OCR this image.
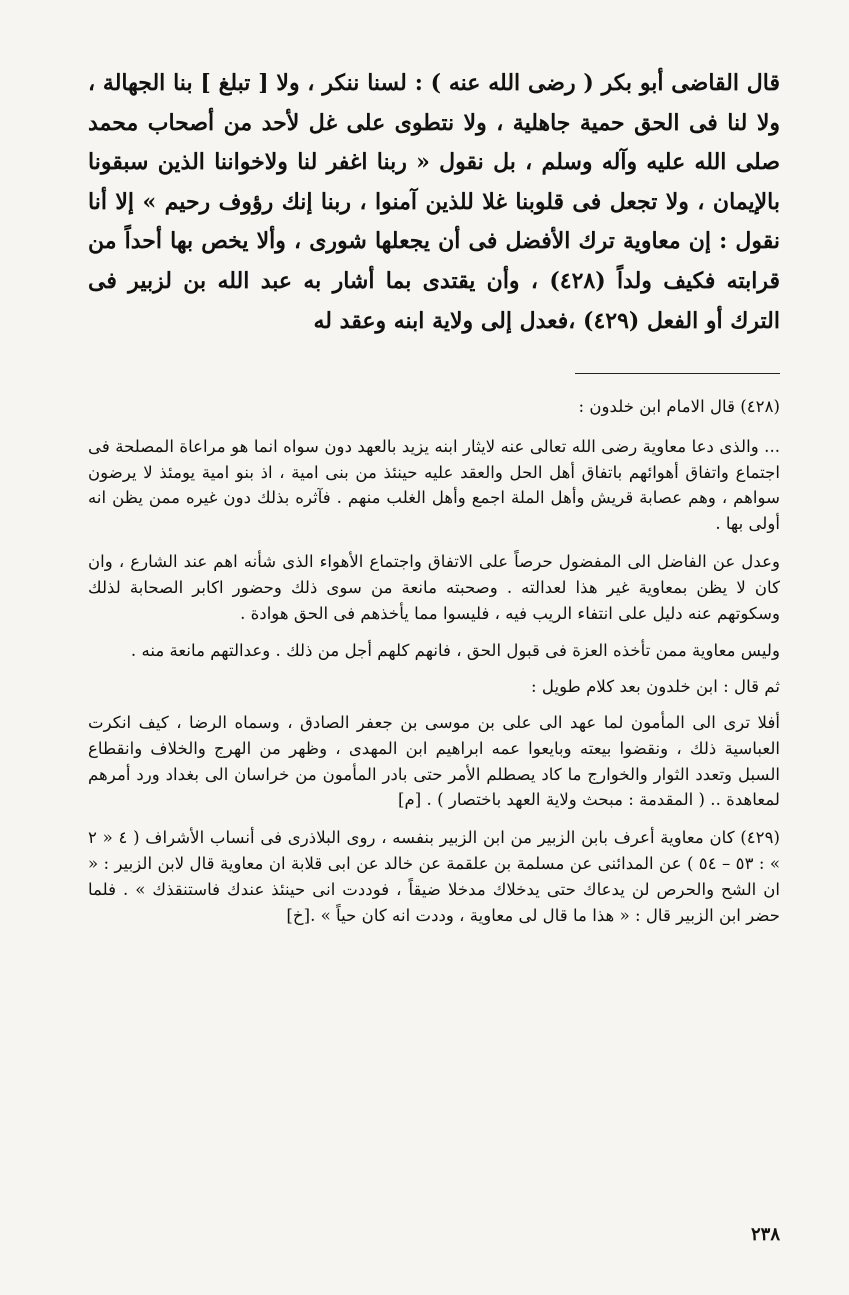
قال القاضى أبو بكر ( رضى الله عنه ) : لسنا ننكر ، ولا [ تبلغ ] بنا الجهالة ، ولا لنا فى الحق حمية جاهلية ، ولا نتطوى على غل لأحد من أصحاب محمد صلى الله عليه وآله وسلم ، بل نقول « ربنا اغفر لنا ولاخواننا الذين سبقونا بالإيمان ، ولا تجعل فى قلوبنا غلا للذين آمنوا ، ربنا إنك رؤوف رحيم » إلا أنا نقول : إن معاوية ترك الأفضل فى أن يجعلها شورى ، وألا يخص بها أحداً من قرابته فكيف ولداً (٤٢٨) ، وأن يقتدى بما أشار به عبد الله بن لزبير فى الترك أو الفعل (٤٢٩) ،فعدل إلى ولاية ابنه وعقد له

(٤٢٨) قال الامام ابن خلدون :

... والذى دعا معاوية رضى الله تعالى عنه لايثار ابنه يزيد بالعهد دون سواه انما هو مراعاة المصلحة فى اجتماع واتفاق أهوائهم باتفاق أهل الحل والعقد عليه حينئذ من بنى امية ، اذ بنو امية يومئذ لا يرضون سواهم ، وهم عصابة قريش وأهل الملة اجمع وأهل الغلب منهم . فآثره بذلك دون غيره ممن يظن انه أولى بها .

وعدل عن الفاضل الى المفضول حرصاً على الاتفاق واجتماع الأهواء الذى شأنه اهم عند الشارع ، وان كان لا يظن بمعاوية غير هذا لعدالته . وصحبته مانعة من سوى ذلك وحضور اكابر الصحابة لذلك وسكوتهم عنه دليل على انتفاء الريب فيه ، فليسوا مما يأخذهم فى الحق هوادة .

وليس معاوية ممن تأخذه العزة فى قبول الحق ، فانهم كلهم أجل من ذلك . وعدالتهم مانعة منه .

ثم قال : ابن خلدون بعد كلام طويل :

أفلا ترى الى المأمون لما عهد الى على بن موسى بن جعفر الصادق ، وسماه الرضا ، كيف انكرت العباسية ذلك ، ونقضوا بيعته وبايعوا عمه ابراهيم ابن المهدى ، وظهر من الهرج والخلاف وانقطاع السبل وتعدد الثوار والخوارج ما كاد يصطلم الأمر حتى بادر المأمون من خراسان الى بغداد ورد أمرهم لمعاهدة .. ( المقدمة : مبحث ولاية العهد باختصار ) . [م]

(٤٢٩) كان معاوية أعرف بابن الزبير من ابن الزبير بنفسه ، روى البلاذرى فى أنساب الأشراف ( ٤ « ٢ » : ٥٣ – ٥٤ ) عن المدائنى عن مسلمة بن علقمة عن خالد عن ابى قلابة ان معاوية قال لابن الزبير : « ان الشح والحرص لن يدعاك حتى يدخلاك مدخلا ضيقاً ، فوددت انى حينئذ عندك فاستنقذك » . فلما حضر ابن الزبير قال : « هذا ما قال لى معاوية ، وددت انه كان حياً » .[خ]

٢٣٨
